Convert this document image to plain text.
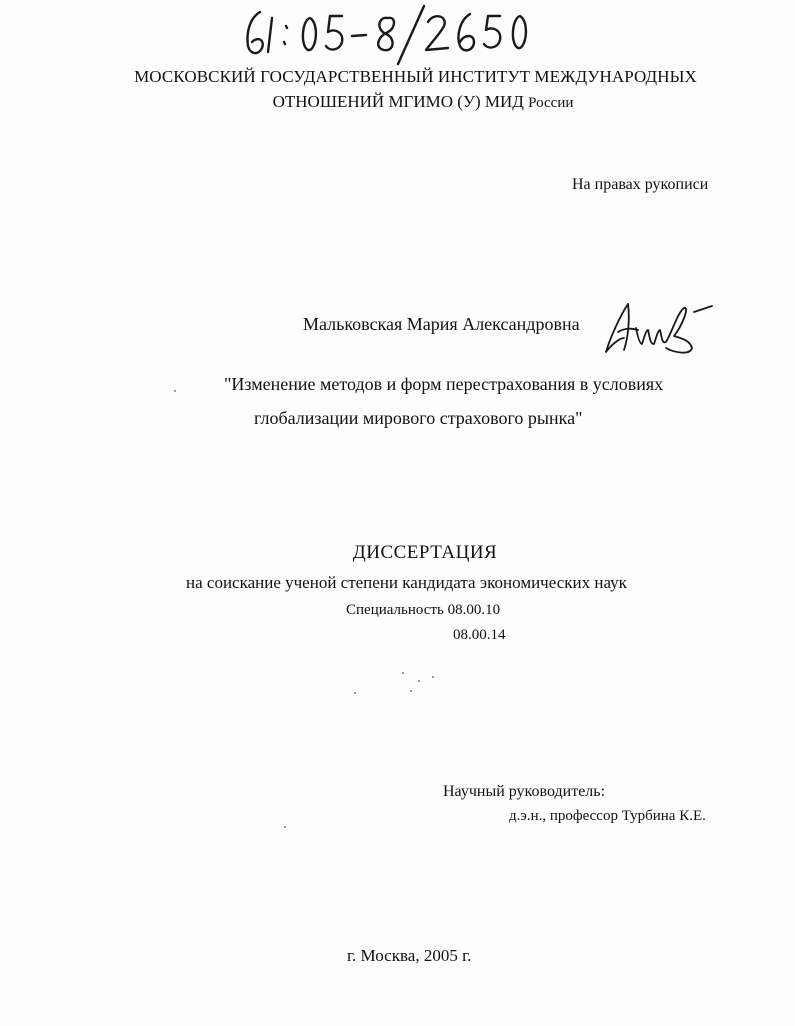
МОСКОВСКИЙ ГОСУДАРСТВЕННЫЙ ИНСТИТУТ МЕЖДУНАРОДНЫХ
ОТНОШЕНИЙ МГИМО (У) МИД России
На правах рукописи
Мальковская Мария Александровна
"Изменение методов и форм перестрахования в условиях
глобализации мирового страхового рынка"
ДИССЕРТАЦИЯ
на соискание ученой степени кандидата экономических наук
Специальность 08.00.10
08.00.14
Научный руководитель:
д.э.н., профессор Турбина К.Е.
г. Москва, 2005 г.
